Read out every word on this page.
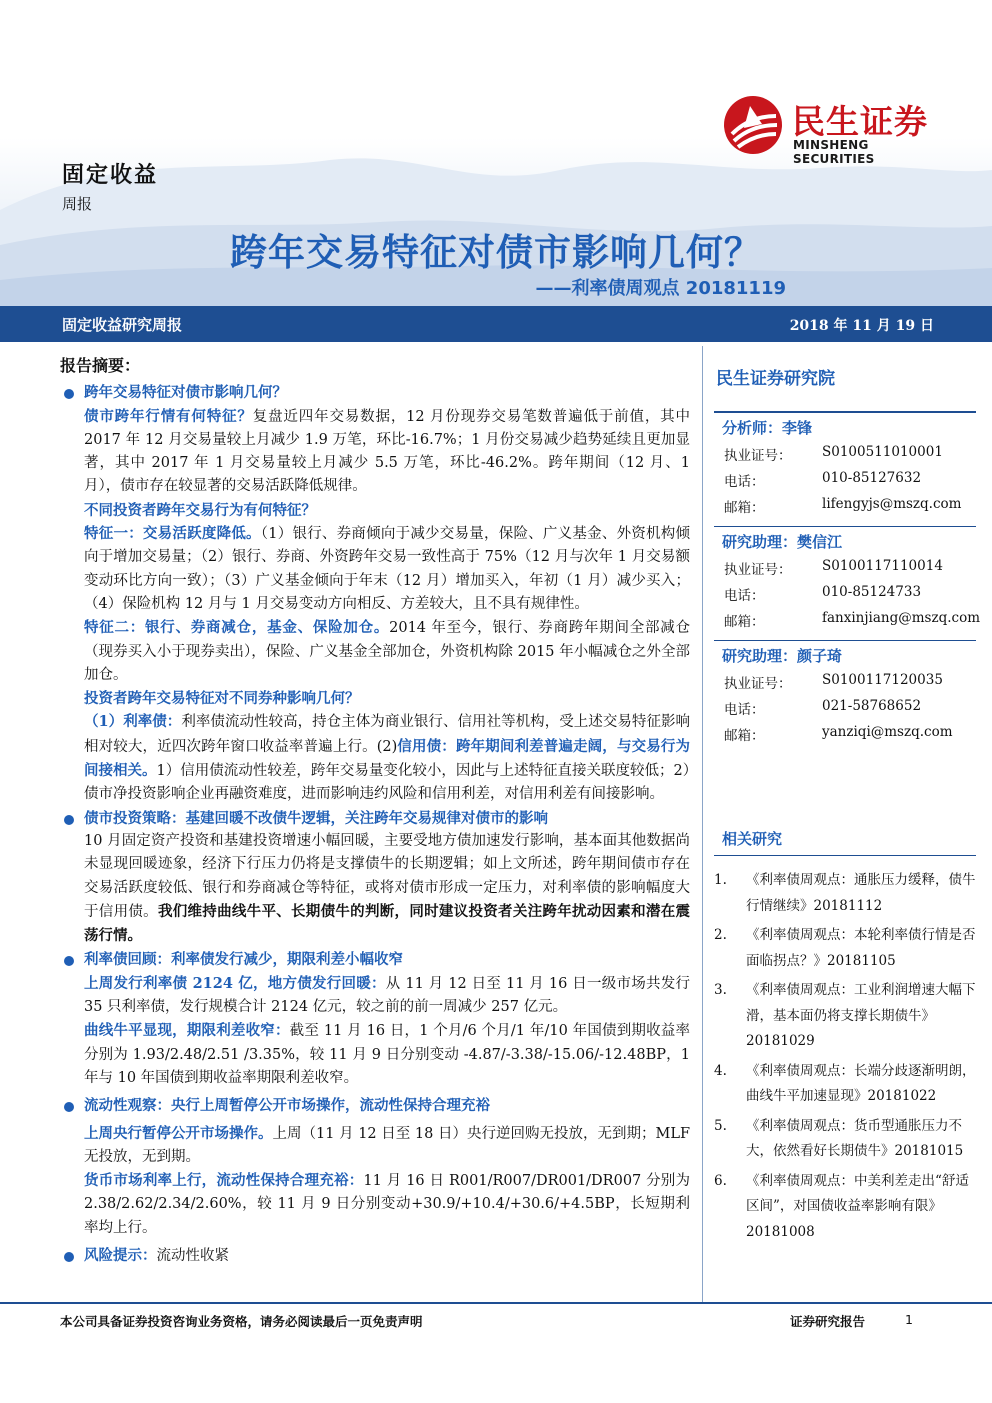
民生证券
MINSHENG SECURITIES
固定收益
周报
跨年交易特征对债市影响几何？
——利率债周观点 20181119
固定收益研究周报	2018 年 11 月 19 日
报告摘要：
跨年交易特征对债市影响几何？

债市跨年行情有何特征？复盘近四年交易数据，12 月份现券交易笔数普遍低于前值，其中 2017 年 12 月交易量较上月减少 1.9 万笔，环比-16.7%；1 月份交易减少趋势延续且更加显著，其中 2017 年 1 月交易量较上月减少 5.5 万笔，环比-46.2%。跨年期间（12 月、1 月），债市存在较显著的交易活跃降低规律。

不同投资者跨年交易行为有何特征？

特征一：交易活跃度降低。（1）银行、券商倾向于减少交易量，保险、广义基金、外资机构倾向于增加交易量；（2）银行、券商、外资跨年交易一致性高于 75%（12 月与次年 1 月交易额变动环比方向一致）；（3）广义基金倾向于年末（12 月）增加买入，年初（1 月）减少买入；（4）保险机构 12 月与 1 月交易变动方向相反、方差较大，且不具有规律性。

特征二：银行、券商减仓，基金、保险加仓。2014 年至今，银行、券商跨年期间全部减仓（现券买入小于现券卖出），保险、广义基金全部加仓，外资机构除 2015 年小幅减仓之外全部加仓。

投资者跨年交易特征对不同券种影响几何？

（1）利率债：利率债流动性较高，持仓主体为商业银行、信用社等机构，受上述交易特征影响相对较大，近四次跨年窗口收益率普遍上行。(2)信用债：跨年期间利差普遍走阔，与交易行为间接相关。1）信用债流动性较差，跨年交易量变化较小，因此与上述特征直接关联度较低；2）债市净投资影响企业再融资难度，进而影响违约风险和信用利差，对信用利差有间接影响。

债市投资策略：基建回暖不改债牛逻辑，关注跨年交易规律对债市的影响

10 月固定资产投资和基建投资增速小幅回暖，主要受地方债加速发行影响，基本面其他数据尚未显现回暖迹象，经济下行压力仍将是支撑债牛的长期逻辑；如上文所述，跨年期间债市存在交易活跃度较低、银行和券商减仓等特征，或将对债市形成一定压力，对利率债的影响幅度大于信用债。我们维持曲线牛平、长期债牛的判断，同时建议投资者关注跨年扰动因素和潜在震荡行情。

利率债回顾：利率债发行减少，期限利差小幅收窄

上周发行利率债 2124 亿，地方债发行回暖：从 11 月 12 日至 11 月 16 日一级市场共发行 35 只利率债，发行规模合计 2124 亿元，较之前的前一周减少 257 亿元。

曲线牛平显现，期限利差收窄：截至 11 月 16 日，1 个月/6 个月/1 年/10 年国债到期收益率分别为 1.93/2.48/2.51 /3.35%，较 11 月 9 日分别变动 -4.87/-3.38/-15.06/-12.48BP，1 年与 10 年国债到期收益率期限利差收窄。

流动性观察：央行上周暂停公开市场操作，流动性保持合理充裕

上周央行暂停公开市场操作。上周（11 月 12 日至 18 日）央行逆回购无投放，无到期；MLF 无投放，无到期。

货币市场利率上行，流动性保持合理充裕：11 月 16 日 R001/R007/DR001/DR007 分别为 2.38/2.62/2.34/2.60%，较 11 月 9 日分别变动+30.9/+10.4/+30.6/+4.5BP，长短期利率均上行。

风险提示：流动性收紧
民生证券研究院
分析师：李锋
执业证号： S0100511010001
电话：	010-85127632
邮箱：	lifengyjs@mszq.com
研究助理：樊信江
执业证号： S0100117110014
电话：	010-85124733
邮箱：	fanxinjiang@mszq.com
研究助理：颜子琦
执业证号： S0100117120035
电话：	021-58768652
邮箱：	yanziqi@mszq.com
相关研究
1. 《利率债周观点：通胀压力缓释，债牛行情继续》20181112
2. 《利率债周观点：本轮利率债行情是否面临拐点？》20181105
3. 《利率债周观点：工业利润增速大幅下滑，基本面仍将支撑长期债牛》20181029
4. 《利率债周观点：长端分歧逐渐明朗，曲线牛平加速显现》20181022
5. 《利率债周观点：货币型通胀压力不大，依然看好长期债牛》20181015
6. 《利率债周观点：中美利差走出“舒适区间”，对国债收益率影响有限》20181008
本公司具备证券投资咨询业务资格，请务必阅读最后一页免责声明	证券研究报告	1
